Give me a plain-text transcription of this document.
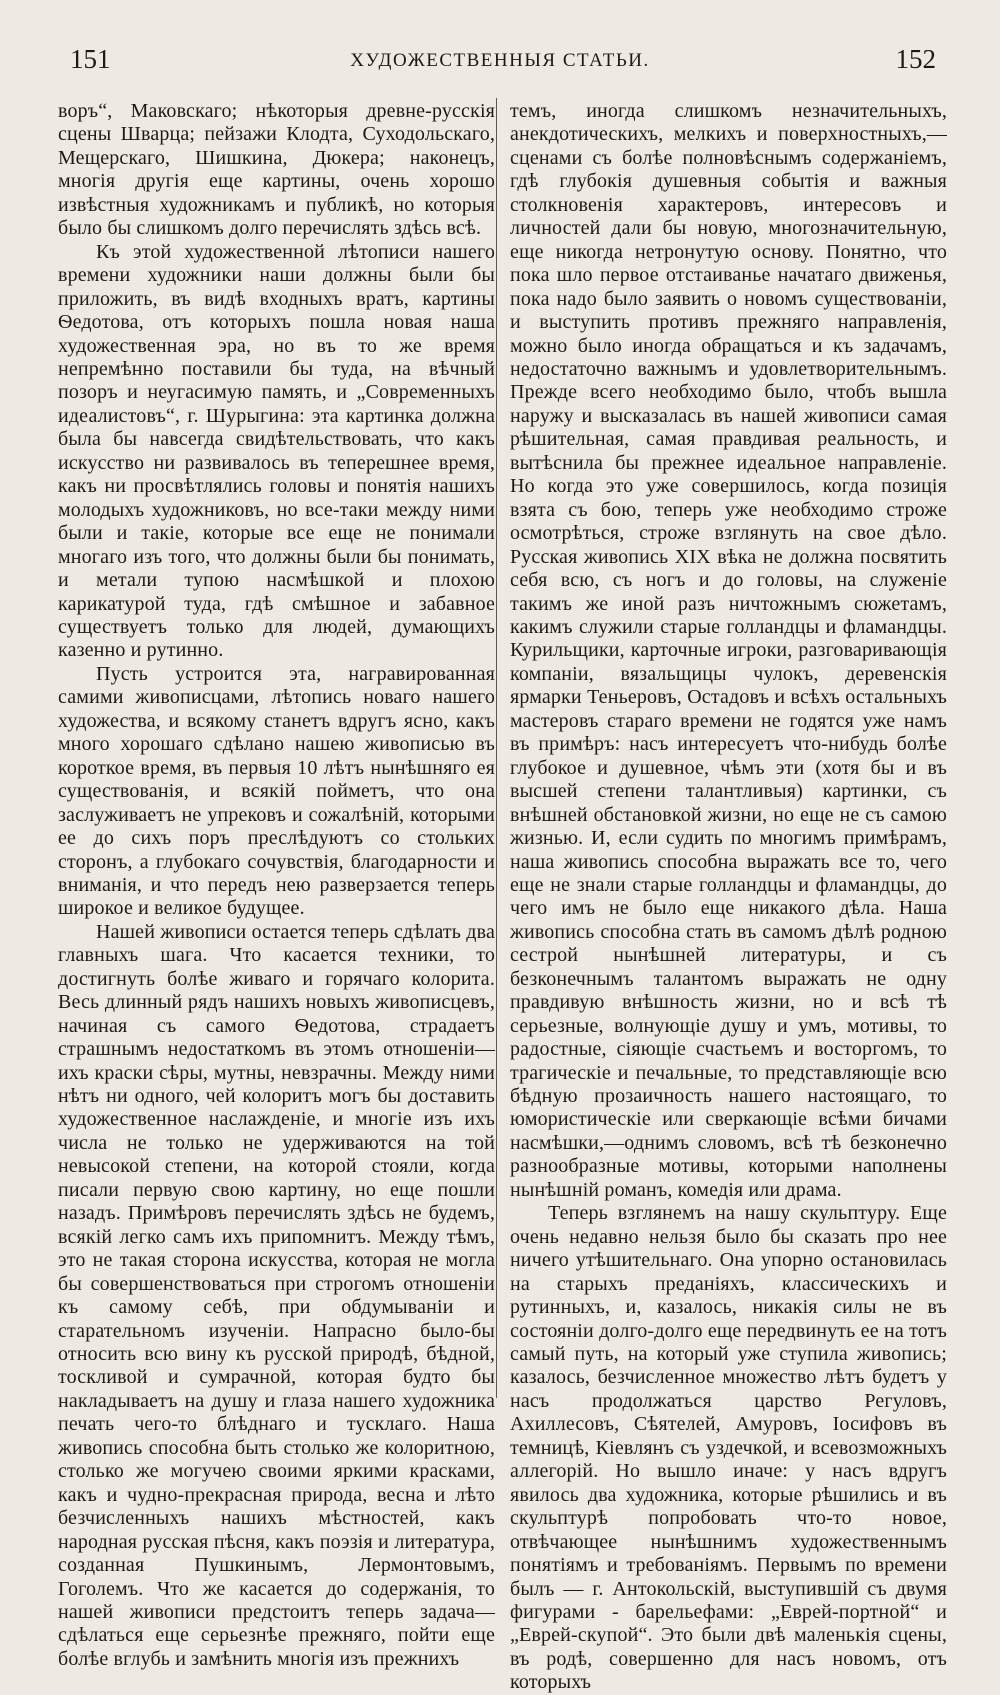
151	ХУДОЖЕСТВЕННЫЯ СТАТЬИ.	152

воръ“, Маковскаго; нѣкоторыя древне-русскія сцены Шварца; пейзажи Клодта, Суходольскаго, Мещерскаго, Шишкина, Дюкера; наконецъ, многія другія еще картины, очень хорошо извѣстныя художникамъ и публикѣ, но которыя было бы слишкомъ долго перечислять здѣсь всѣ.

Къ этой художественной лѣтописи нашего времени художники наши должны были бы приложить, въ видѣ входныхъ вратъ, картины Ѳедотова, отъ которыхъ пошла новая наша художественная эра, но въ то же время непремѣнно поставили бы туда, на вѣчный позоръ и неугасимую память, и „Современныхъ идеалистовъ“, г. Шурыгина: эта картинка должна была бы навсегда свидѣтельствовать, что какъ искусство ни развивалось въ теперешнее время, какъ ни просвѣтлялись головы и понятія нашихъ молодыхъ художниковъ, но все-таки между ними были и такіе, которые все еще не понимали многаго изъ того, что должны были бы понимать, и метали тупою насмѣшкой и плохою карикатурой туда, гдѣ смѣшное и забавное существуетъ только для людей, думающихъ казенно и рутинно.

Пусть устроится эта, награвированная самими живописцами, лѣтопись новаго нашего художества, и всякому станетъ вдругъ ясно, какъ много хорошаго сдѣлано нашею живописью въ короткое время, въ первыя 10 лѣтъ нынѣшняго ея существованія, и всякій пойметъ, что она заслуживаетъ не упрековъ и сожалѣній, которыми ее до сихъ поръ преслѣдуютъ со стольких сторонъ, а глубокаго сочувствія, благодарности и вниманія, и что передъ нею разверзается теперь широкое и великое будущее.

Нашей живописи остается теперь сдѣлать два главныхъ шага. Что касается техники, то достигнуть болѣе живаго и горячаго колорита. Весь длинный рядъ нашихъ новыхъ живописцевъ, начиная съ самого Ѳедотова, страдаетъ страшнымъ недостаткомъ въ этомъ отношеніи—ихъ краски сѣры, мутны, невзрачны. Между ними нѣтъ ни одного, чей колоритъ могъ бы доставить художественное наслажденіе, и многіе изъ ихъ числа не только не удерживаются на той невысокой степени, на которой стояли, когда писали первую свою картину, но еще пошли назадъ. Примѣровъ перечислять здѣсь не будемъ, всякій легко самъ ихъ припомнитъ. Между тѣмъ, это не такая сторона искусства, которая не могла бы совершенствоваться при строгомъ отношеніи къ самому себѣ, при обдумываніи и старательномъ изученіи. Напрасно было-бы относить всю вину къ русской природѣ, бѣдной, тоскливой и сумрачной, которая будто бы накладываетъ на душу и глаза нашего художника печать чего-то блѣднаго и тусклаго. Наша живопись способна быть столько же колоритною, столько же могучею своими яркими красками, какъ и чудно-прекрасная природа, весна и лѣто безчисленныхъ нашихъ мѣстностей, какъ народная русская пѣсня, какъ поэзія и литература, созданная Пушкинымъ, Лермонтовымъ, Гоголемъ. Что же касается до содержанія, то нашей живописи предстоитъ теперь задача—сдѣлаться еще серьезнѣе прежняго, пойти еще болѣе вглубь и замѣнить многія изъ прежнихъ

темъ, иногда слишкомъ незначительныхъ, анекдотическихъ, мелкихъ и поверхностныхъ,—сценами съ болѣе полновѣснымъ содержаніемъ, гдѣ глубокія душевныя событія и важныя столкновенія характеровъ, интересовъ и личностей дали бы новую, многозначительную, еще никогда нетронутую основу. Понятно, что пока шло первое отстаиванье начатаго движенья, пока надо было заявить о новомъ существованіи, и выступить противъ прежняго направленія, можно было иногда обращаться и къ задачамъ, недостаточно важнымъ и удовлетворительнымъ. Прежде всего необходимо было, чтобъ вышла наружу и высказалась въ нашей живописи самая рѣшительная, самая правдивая реальность, и вытѣснила бы прежнее идеальное направленіе. Но когда это уже совершилось, когда позиція взята съ бою, теперь уже необходимо строже осмотрѣться, строже взглянуть на свое дѣло. Русская живопись XIX вѣка не должна посвятить себя всю, съ ногъ и до головы, на служеніе такимъ же иной разъ ничтожнымъ сюжетамъ, какимъ служили старые голландцы и фламандцы. Курильщики, карточные игроки, разговаривающія компаніи, вязальщицы чулокъ, деревенскія ярмарки Теньеровъ, Остадовъ и всѣхъ остальныхъ мастеровъ стараго времени не годятся уже намъ въ примѣръ: насъ интересуетъ что-нибудь болѣе глубокое и душевное, чѣмъ эти (хотя бы и въ высшей степени талантливыя) картинки, съ внѣшней обстановкой жизни, но еще не съ самою жизнью. И, если судить по многимъ примѣрамъ, наша живопись способна выражать все то, чего еще не знали старые голландцы и фламандцы, до чего имъ не было еще никакого дѣла. Наша живопись способна стать въ самомъ дѣлѣ родною сестрой нынѣшней литературы, и съ безконечнымъ талантомъ выражать не одну правдивую внѣшность жизни, но и всѣ тѣ серьезные, волнующіе душу и умъ, мотивы, то радостные, сіяющіе счастьемъ и восторгомъ, то трагическіе и печальные, то представляющіе всю бѣдную прозаичность нашего настоящаго, то юмористическіе или сверкающіе всѣми бичами насмѣшки,—однимъ словомъ, всѣ тѣ безконечно разнообразные мотивы, которыми наполнены нынѣшній романъ, комедія или драма.

Теперь взглянемъ на нашу скульптуру. Еще очень недавно нельзя было бы сказать про нее ничего утѣшительнаго. Она упорно остановилась на старыхъ преданіяхъ, классическихъ и рутинныхъ, и, казалось, никакія силы не въ состояніи долго-долго еще передвинуть ее на тотъ самый путь, на который уже ступила живопись; казалось, безчисленное множество лѣтъ будетъ у насъ продолжаться царство Регуловъ, Ахиллесовъ, Сѣятелей, Амуровъ, Іосифовъ въ темницѣ, Кіевлянъ съ уздечкой, и всевозможныхъ аллегорій. Но вышло иначе: у насъ вдругъ явилось два художника, которые рѣшились и въ скульптурѣ попробовать что-то новое, отвѣчающее нынѣшнимъ художественнымъ понятіямъ и требованіямъ. Первымъ по времени былъ — г. Антокольскій, выступившій съ двумя фигурами - барельефами: „Еврей-портной“ и „Еврей-скупой“. Это были двѣ маленькія сцены, въ родѣ, совершенно для насъ новомъ, отъ которыхъ
